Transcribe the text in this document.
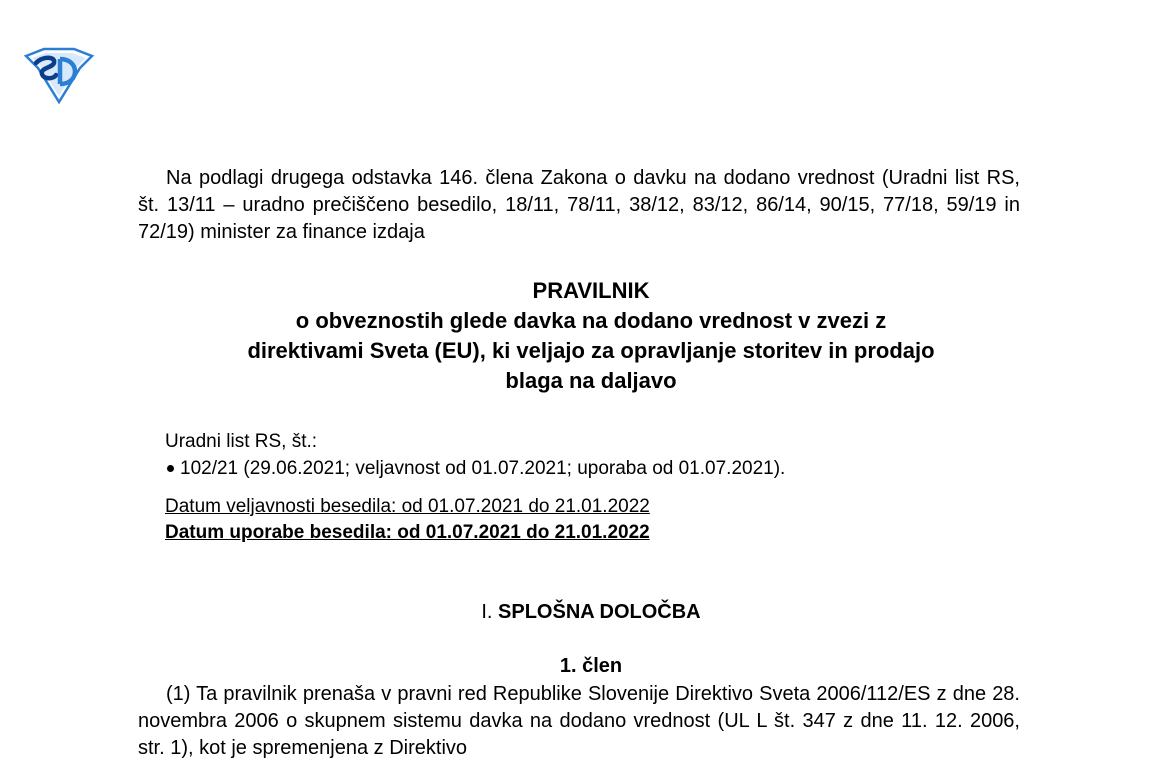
Na podlagi drugega odstavka 146. člena Zakona o davku na dodano vrednost (Uradni list RS, št. 13/11 – uradno prečiščeno besedilo, 18/11, 78/11, 38/12, 83/12, 86/14, 90/15, 77/18, 59/19 in 72/19) minister za finance izdaja

PRAVILNIK
o obveznostih glede davka na dodano vrednost v zvezi z
direktivami Sveta (EU), ki veljajo za opravljanje storitev in prodajo
blaga na daljavo
Uradni list RS, št.:
102/21 (29.06.2021; veljavnost od 01.07.2021; uporaba od 01.07.2021).
Datum veljavnosti besedila: od 01.07.2021 do 21.01.2022
Datum uporabe besedila: od 01.07.2021 do 21.01.2022
I. SPLOŠNA DOLOČBA
1. člen

(1) Ta pravilnik prenaša v pravni red Republike Slovenije Direktivo Sveta 2006/112/ES z dne 28. novembra 2006 o skupnem sistemu davka na dodano vrednost (UL L št. 347 z dne 11. 12. 2006, str. 1), kot je spremenjena z Direktivo
